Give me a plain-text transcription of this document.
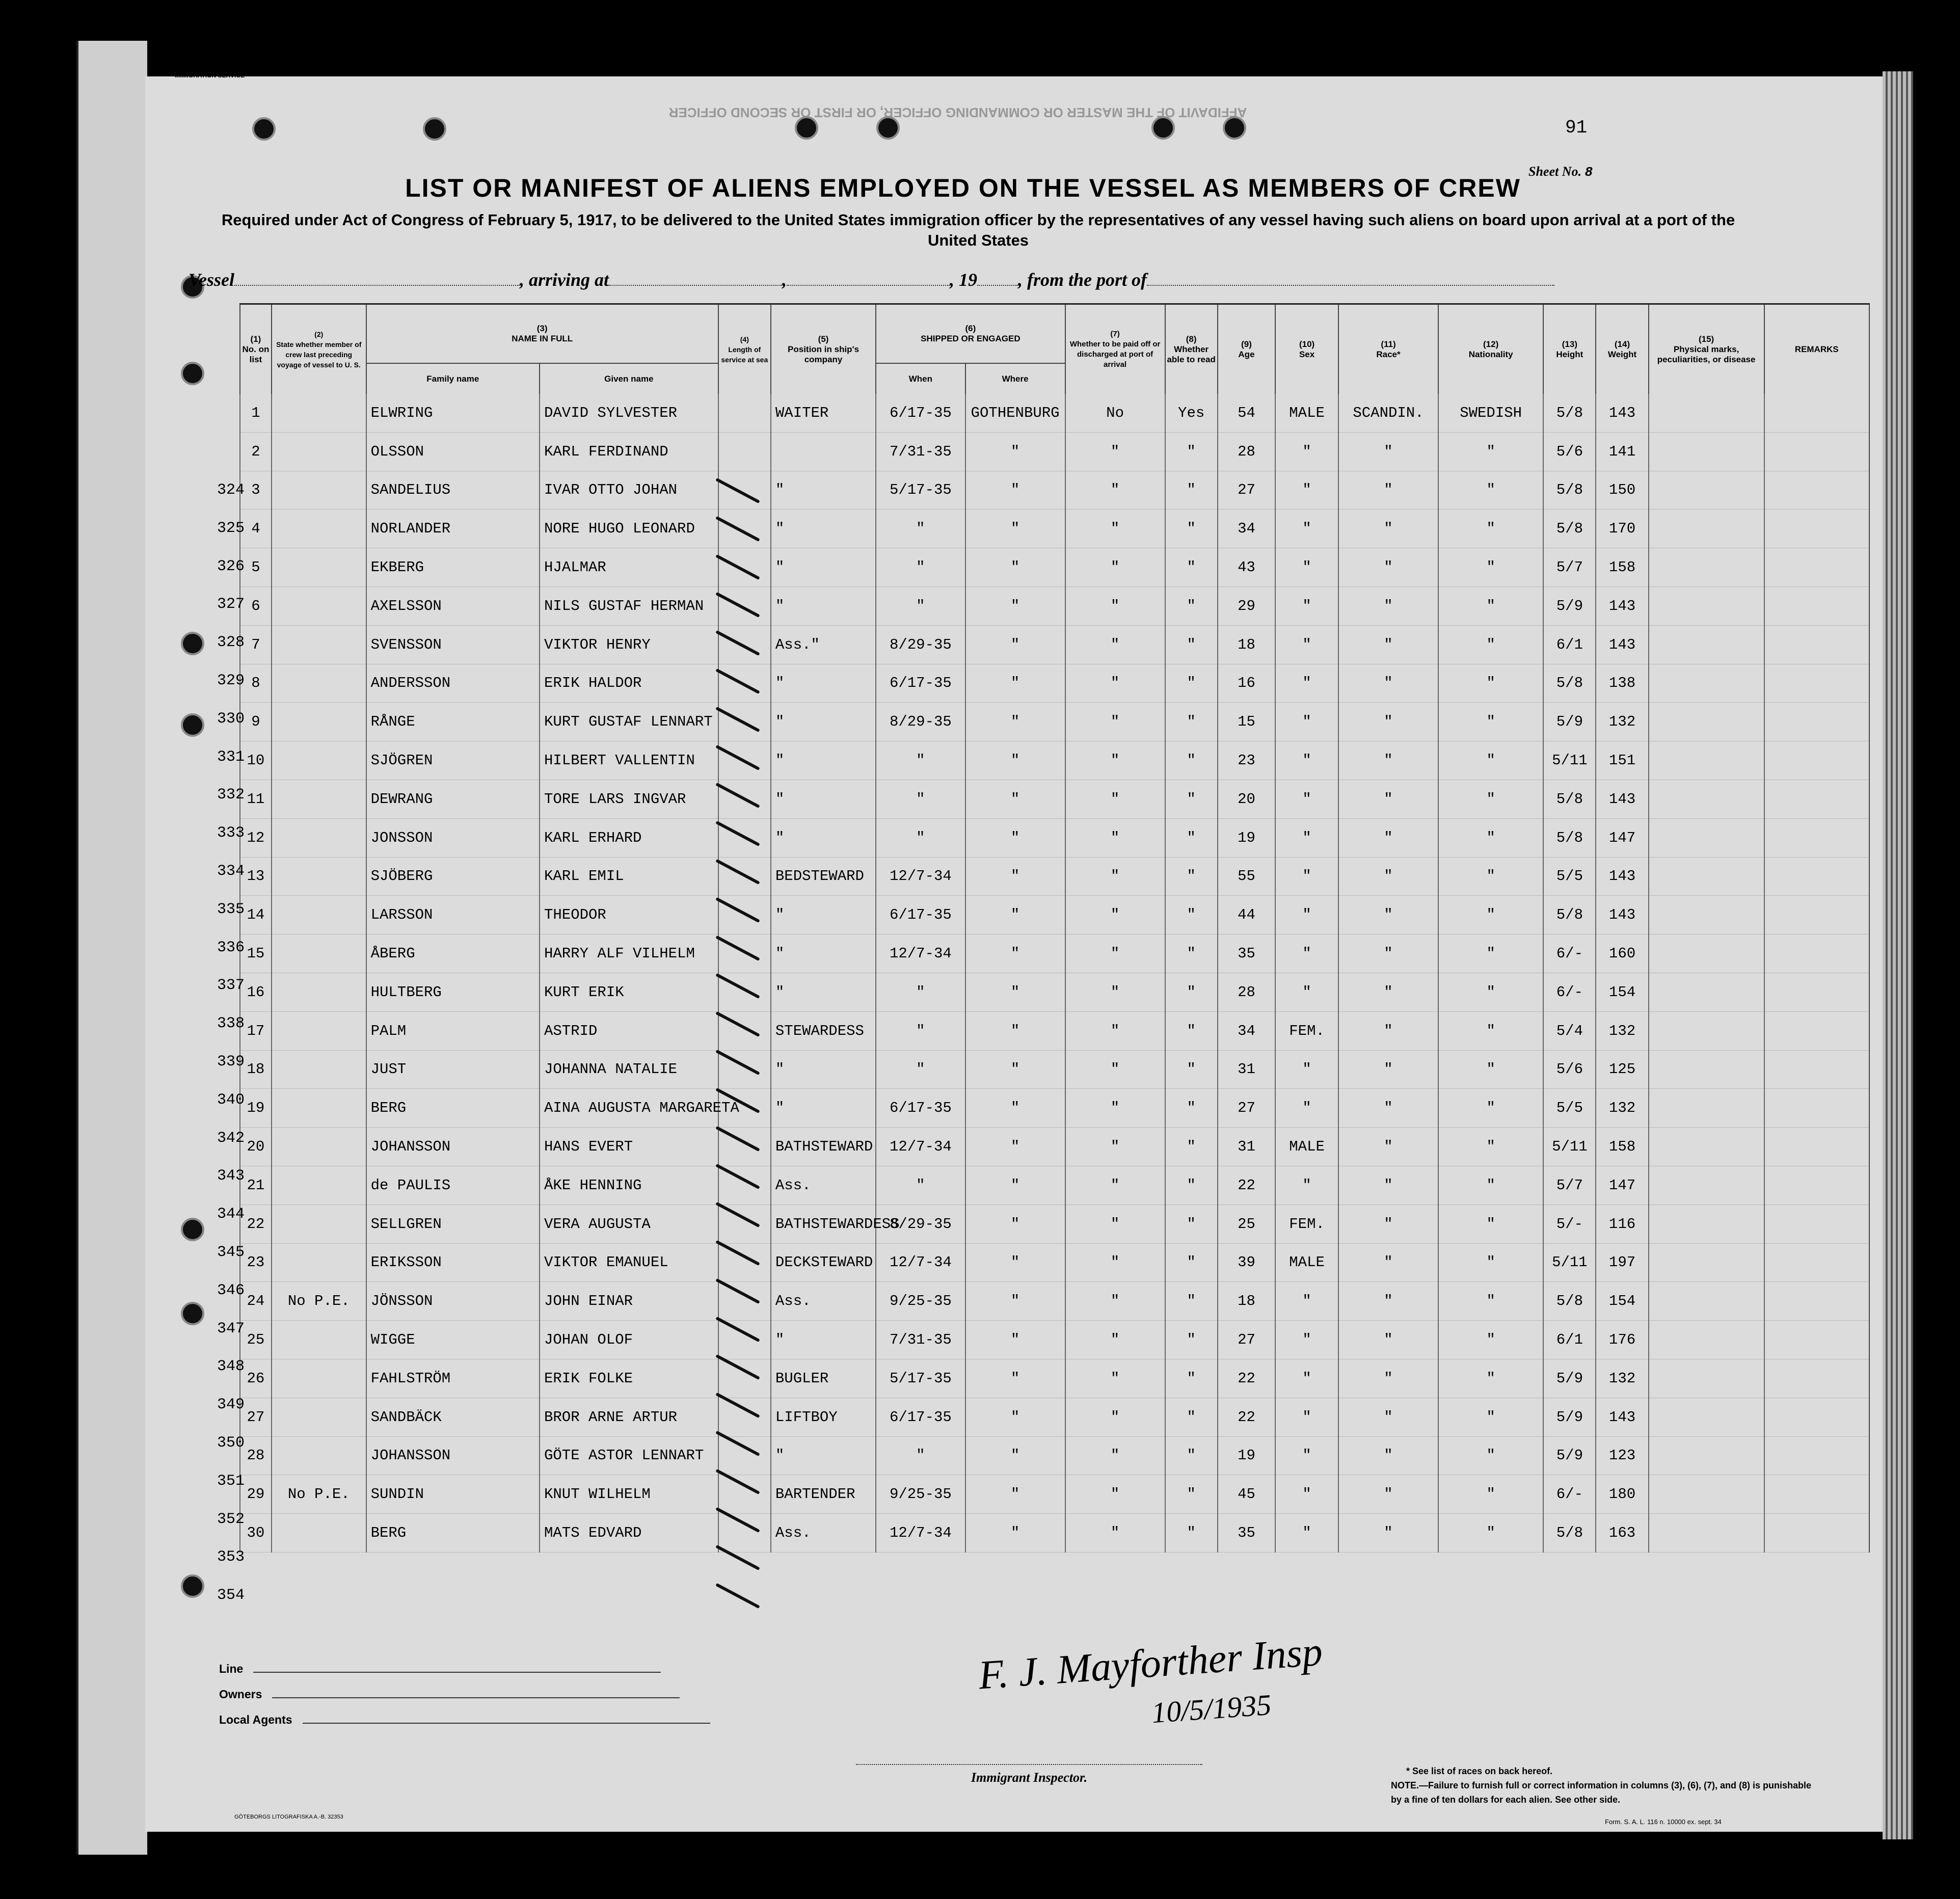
Form. 680.
U. S. DEPARTMENT OF LABOR
IMMIGRATION SERVICE
AFFIDAVIT OF THE MASTER OR COMMANDING OFFICER, OR FIRST OR SECOND OFFICER
91
Sheet No. 8
LIST OR MANIFEST OF ALIENS EMPLOYED ON THE VESSEL AS MEMBERS OF CREW
Required under Act of Congress of February 5, 1917, to be delivered to the United States immigration officer by the representatives of any vessel having such aliens on board upon arrival at a port of the United States
Vessel	, arriving at	,	, 19 , from the port of
(1)
No. on list	(2)
State whether member of crew last preceding voyage of vessel to U. S.	(3)
NAME IN FULL		(4)
Length of service at sea	(5)
Position in ship's company	(6)
SHIPPED OR ENGAGED		(7)
Whether to be paid off or discharged at port of arrival	(8)
Whether able to read	(9)
Age	(10)
Sex	(11)
Race*	(12)
Nationality	(13)
Height	(14)
Weight	(15)
Physical marks, peculiarities, or disease	REMARKS
		Family name	Given name			When	Where										
1		ELWRING	DAVID SYLVESTER		WAITER	6/17-35	GOTHENBURG	No	Yes	54	MALE	SCANDIN.	SWEDISH	5/8	143		
2		OLSSON	KARL FERDINAND			7/31-35	"	"	"	28	"	"	"	5/6	141		
3		SANDELIUS	IVAR OTTO JOHAN		"	5/17-35	"	"	"	27	"	"	"	5/8	150		
4		NORLANDER	NORE HUGO LEONARD		"	"	"	"	"	34	"	"	"	5/8	170		
5		EKBERG	HJALMAR		"	"	"	"	"	43	"	"	"	5/7	158		
6		AXELSSON	NILS GUSTAF HERMAN		"	"	"	"	"	29	"	"	"	5/9	143		
7		SVENSSON	VIKTOR HENRY		Ass."	8/29-35	"	"	"	18	"	"	"	6/1	143		
8		ANDERSSON	ERIK HALDOR		"	6/17-35	"	"	"	16	"	"	"	5/8	138		
9		RÅNGE	KURT GUSTAF LENNART		"	8/29-35	"	"	"	15	"	"	"	5/9	132		
10		SJÖGREN	HILBERT VALLENTIN		"	"	"	"	"	23	"	"	"	5/11	151		
11		DEWRANG	TORE LARS INGVAR		"	"	"	"	"	20	"	"	"	5/8	143		
12		JONSSON	KARL ERHARD		"	"	"	"	"	19	"	"	"	5/8	147		
13		SJÖBERG	KARL EMIL		BEDSTEWARD	12/7-34	"	"	"	55	"	"	"	5/5	143		
14		LARSSON	THEODOR		"	6/17-35	"	"	"	44	"	"	"	5/8	143		
15		ÅBERG	HARRY ALF VILHELM		"	12/7-34	"	"	"	35	"	"	"	6/-	160		
16		HULTBERG	KURT ERIK		"	"	"	"	"	28	"	"	"	6/-	154		
17		PALM	ASTRID		STEWARDESS	"	"	"	"	34	FEM.	"	"	5/4	132		
18		JUST	JOHANNA NATALIE		"	"	"	"	"	31	"	"	"	5/6	125		
19		BERG	AINA AUGUSTA MARGARETA		"	6/17-35	"	"	"	27	"	"	"	5/5	132		
20		JOHANSSON	HANS EVERT		BATHSTEWARD	12/7-34	"	"	"	31	MALE	"	"	5/11	158		
21		de PAULIS	ÅKE HENNING		Ass.	"	"	"	"	22	"	"	"	5/7	147		
22		SELLGREN	VERA AUGUSTA		BATHSTEWARDESS	8/29-35	"	"	"	25	FEM.	"	"	5/-	116		
23		ERIKSSON	VIKTOR EMANUEL		DECKSTEWARD	12/7-34	"	"	"	39	MALE	"	"	5/11	197		
24	No P.E.	JÖNSSON	JOHN EINAR		Ass.	9/25-35	"	"	"	18	"	"	"	5/8	154		
25		WIGGE	JOHAN OLOF		"	7/31-35	"	"	"	27	"	"	"	6/1	176		
26		FAHLSTRÖM	ERIK FOLKE		BUGLER	5/17-35	"	"	"	22	"	"	"	5/9	132		
27		SANDBÄCK	BROR ARNE ARTUR		LIFTBOY	6/17-35	"	"	"	22	"	"	"	5/9	143		
28		JOHANSSON	GÖTE ASTOR LENNART		"	"	"	"	"	19	"	"	"	5/9	123		
29	No P.E.	SUNDIN	KNUT WILHELM		BARTENDER	9/25-35	"	"	"	45	"	"	"	6/-	180		
30		BERG	MATS EDVARD		Ass.	12/7-34	"	"	"	35	"	"	"	5/8	163		
324
325
326
327
328
329
330
331
332
333
334
335
336
337
338
339
340
342
343
344
345
346
347
348
349
350
351
352
353
354
Line
Owners
Local Agents
F. J. Mayforther Insp
10/5/1935
Immigrant Inspector.	* See list of races on back hereof.
NOTE.—Failure to furnish full or correct information in columns (3), (6), (7), and (8) is punishable by a fine of ten dollars for each alien. See other side.
Form. S. A. L. 116 n. 10000 ex. sept. 34
GÖTEBORGS LITOGRAFISKA A.-B. 32353
